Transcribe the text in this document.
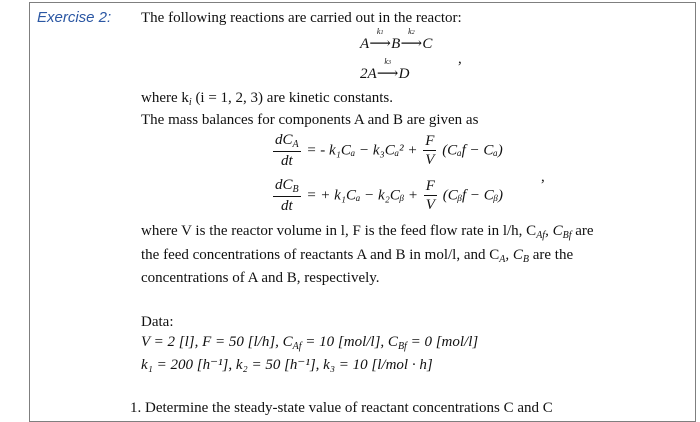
Exercise 2: The following reactions are carried out in the reactor:
A
k1
⟶B
k2
⟶C
2A
k3
⟶D
,
where $k_i$ (i = 1, 2, 3) are kinetic constants.
The mass balances for components A and B are given as
$\frac{dC_A}{dt}$ = - $k_1C_a - k_3C_a^2 + \frac{F}{V} (C_af - C_a)$
$\frac{dC_B}{dt}$ = + k₁Cₐ − k₂Cᵦ + $\frac{F}{V}$ (Cᵦf − Cᵦ)
,
where V is the reactor volume in l, F is the feed flow rate in l/h, $C_{Af}$, $C_{Bf}$ are
the feed concentrations of reactants A and B in mol/l, and $C_A$, $C_B$ are the
concentrations of A and B, respectively.
Data:
V = 2 [l], F = 50 [l/h], $C_{Af} = 10$ [mol/l], $C_{Bf} = 0$ [mol/l]
k₁ = 200 [h⁻¹], k₂ = 50 [h⁻¹], k₃ = 10 [l/mol · h]
1. Determine the steady-state value of reactant concentrations C and C
